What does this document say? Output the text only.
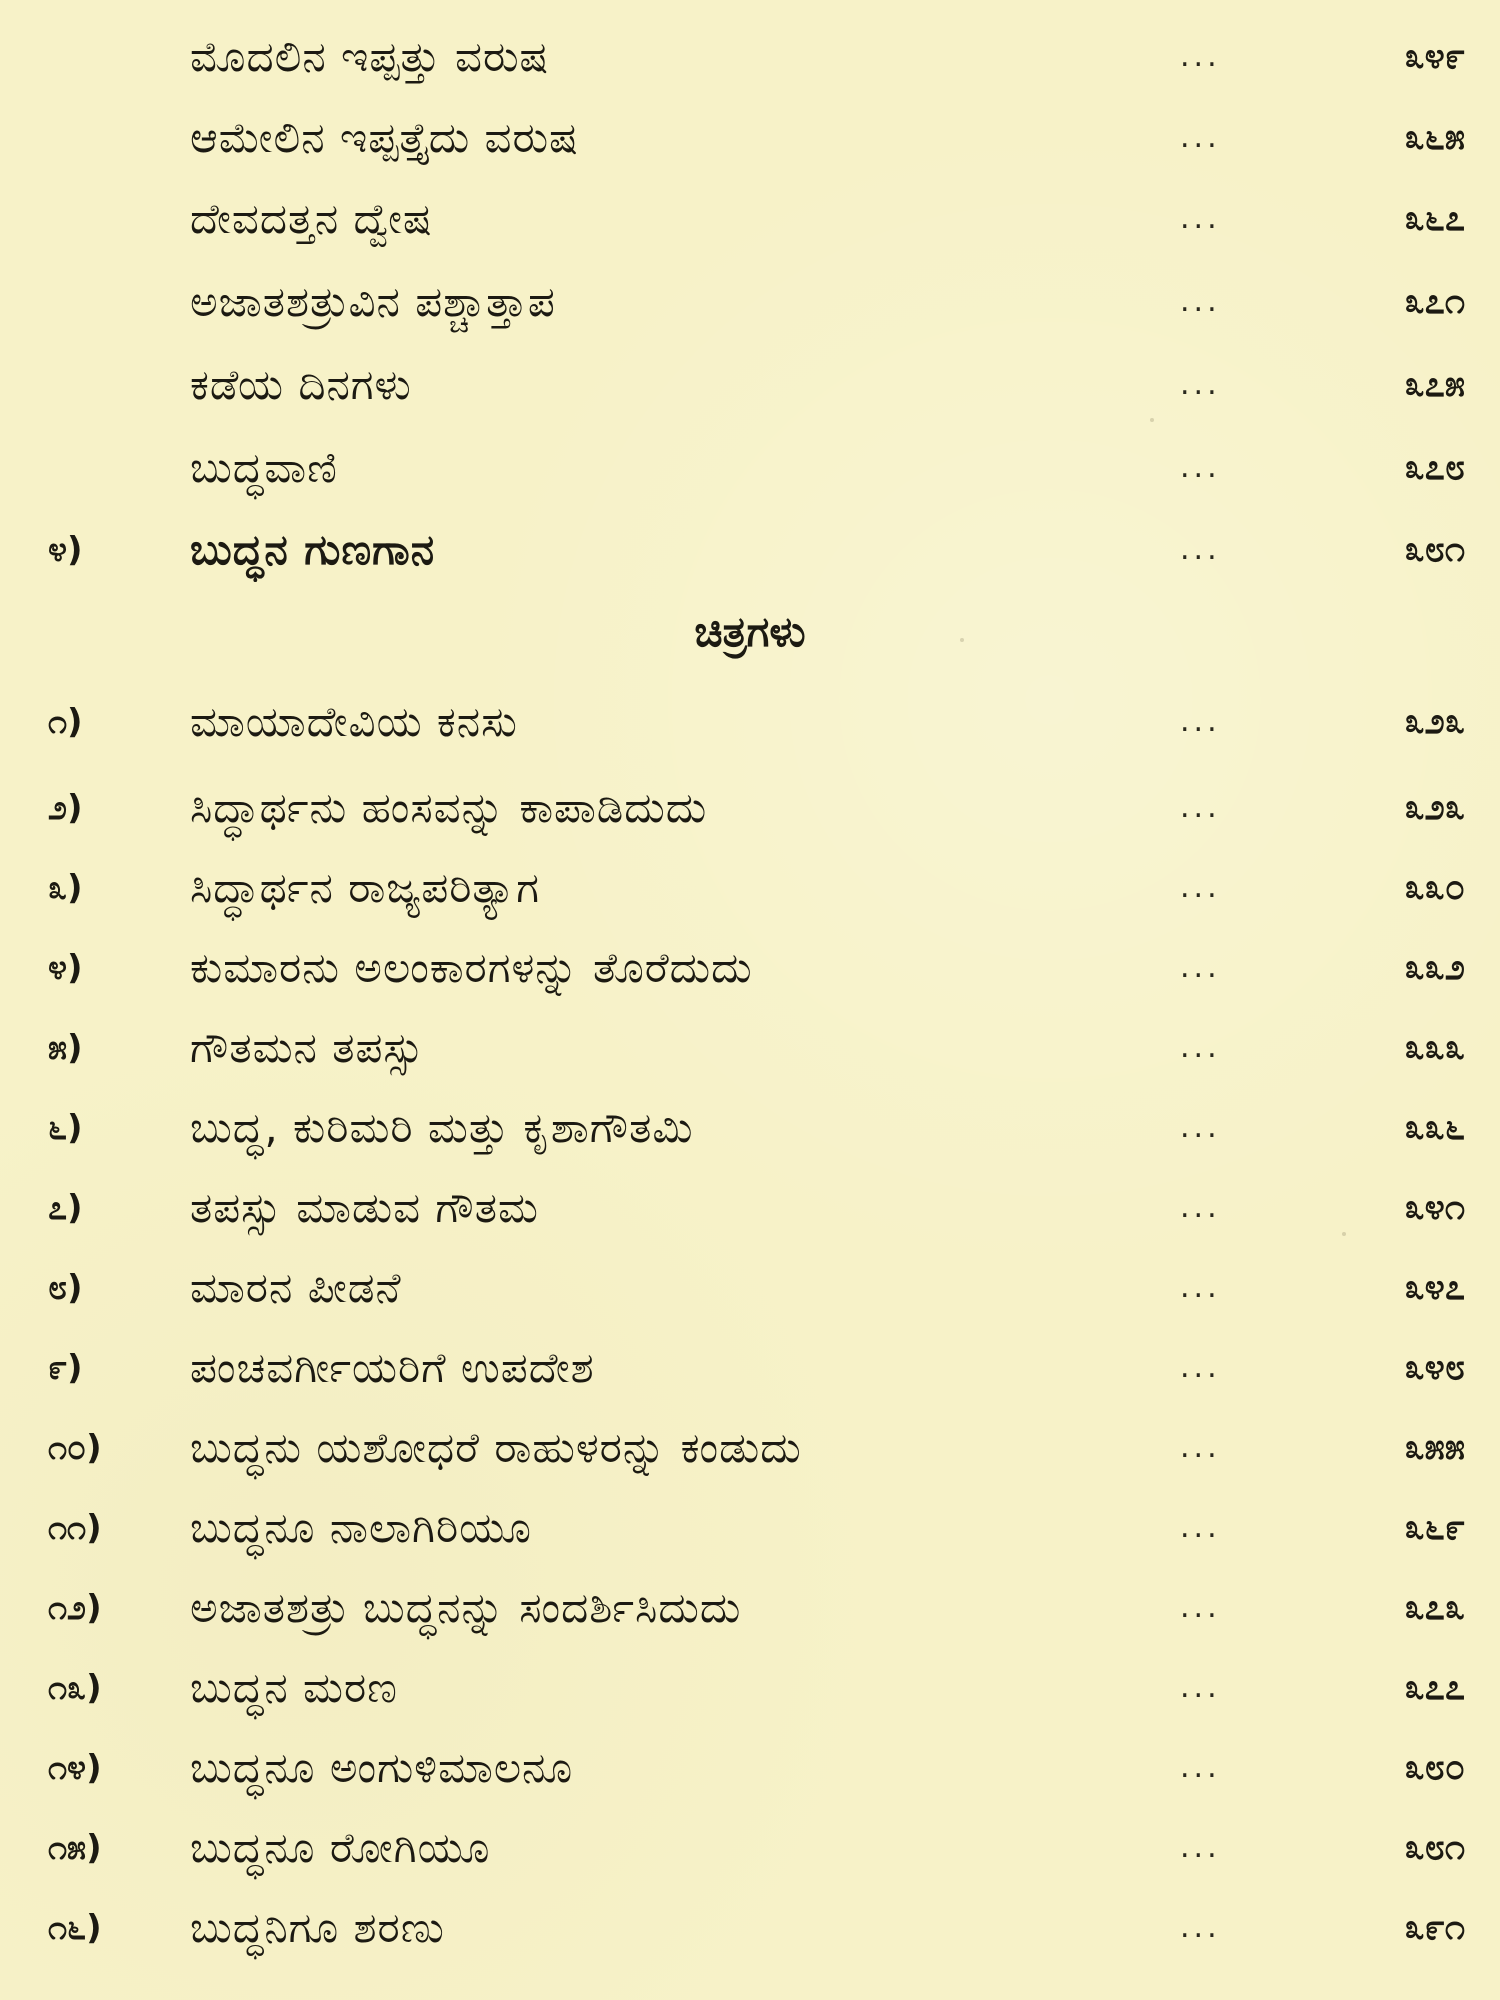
ಮೊದಲಿನ ಇಪ್ಪತ್ತು ವರುಷ	...	೩೪೯
ಆಮೇಲಿನ ಇಪ್ಪತ್ತೈದು ವರುಷ	...	೩೬೫
ದೇವದತ್ತನ ದ್ವೇಷ	...	೩೬೭
ಅಜಾತಶತ್ರುವಿನ ಪಶ್ಚಾತ್ತಾಪ	...	೩೭೧
ಕಡೆಯ ದಿನಗಳು	...	೩೭೫
ಬುದ್ಧವಾಣಿ	...	೩೭೮
೪)	ಬುದ್ಧನ ಗುಣಗಾನ	...	೩೮೧
ಚಿತ್ರಗಳು
೧)	ಮಾಯಾದೇವಿಯ ಕನಸು	...	೩೨೩
೨)	ಸಿದ್ಧಾರ್ಥನು ಹಂಸವನ್ನು ಕಾಪಾಡಿದುದು	...	೩೨೩
೩)	ಸಿದ್ಧಾರ್ಥನ ರಾಜ್ಯಪರಿತ್ಯಾಗ	...	೩೩೦
೪)	ಕುಮಾರನು ಅಲಂಕಾರಗಳನ್ನು ತೊರೆದುದು	...	೩೩೨
೫)	ಗೌತಮನ ತಪಸ್ಸು	...	೩೩೩
೬)	ಬುದ್ಧ, ಕುರಿಮರಿ ಮತ್ತು ಕೃಶಾಗೌತಮಿ	...	೩೩೬
೭)	ತಪಸ್ಸು ಮಾಡುವ ಗೌತಮ	...	೩೪೧
೮)	ಮಾರನ ಪೀಡನೆ	...	೩೪೭
೯)	ಪಂಚವರ್ಗೀಯರಿಗೆ ಉಪದೇಶ	...	೩೪೮
೧೦)	ಬುದ್ಧನು ಯಶೋಧರೆ ರಾಹುಳರನ್ನು ಕಂಡುದು	...	೩೫೫
೧೧)	ಬುದ್ಧನೂ ನಾಲಾಗಿರಿಯೂ	...	೩೬೯
೧೨)	ಅಜಾತಶತ್ರು ಬುದ್ಧನನ್ನು ಸಂದರ್ಶಿಸಿದುದು	...	೩೭೩
೧೩)	ಬುದ್ಧನ ಮರಣ	...	೩೭೭
೧೪)	ಬುದ್ಧನೂ ಅಂಗುಳಿಮಾಲನೂ	...	೩೮೦
೧೫)	ಬುದ್ಧನೂ ರೋಗಿಯೂ	...	೩೮೧
೧೬)	ಬುದ್ಧನಿಗೂ ಶರಣು	...	೩೯೧
